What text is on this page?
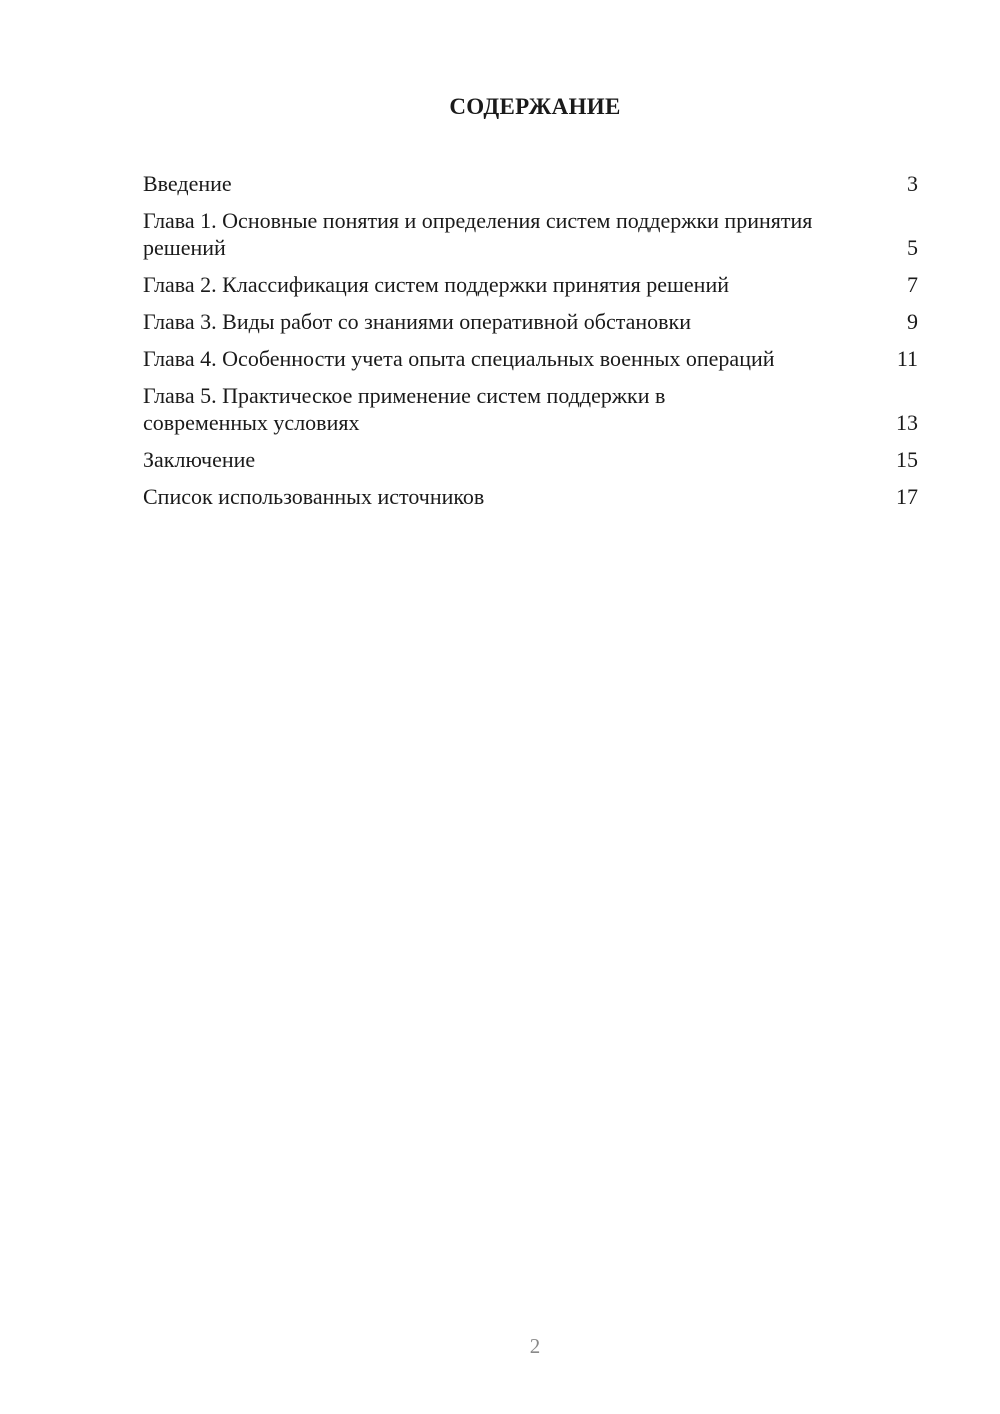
СОДЕРЖАНИЕ
Введение	3
Глава 1. Основные понятия и определения систем поддержки принятия решений	5
Глава 2. Классификация систем поддержки принятия решений	7
Глава 3. Виды работ со знаниями оперативной обстановки	9
Глава 4. Особенности учета опыта специальных военных операций	11
Глава 5. Практическое применение систем поддержки в современных условиях	13
Заключение	15
Список использованных источников	17
2
